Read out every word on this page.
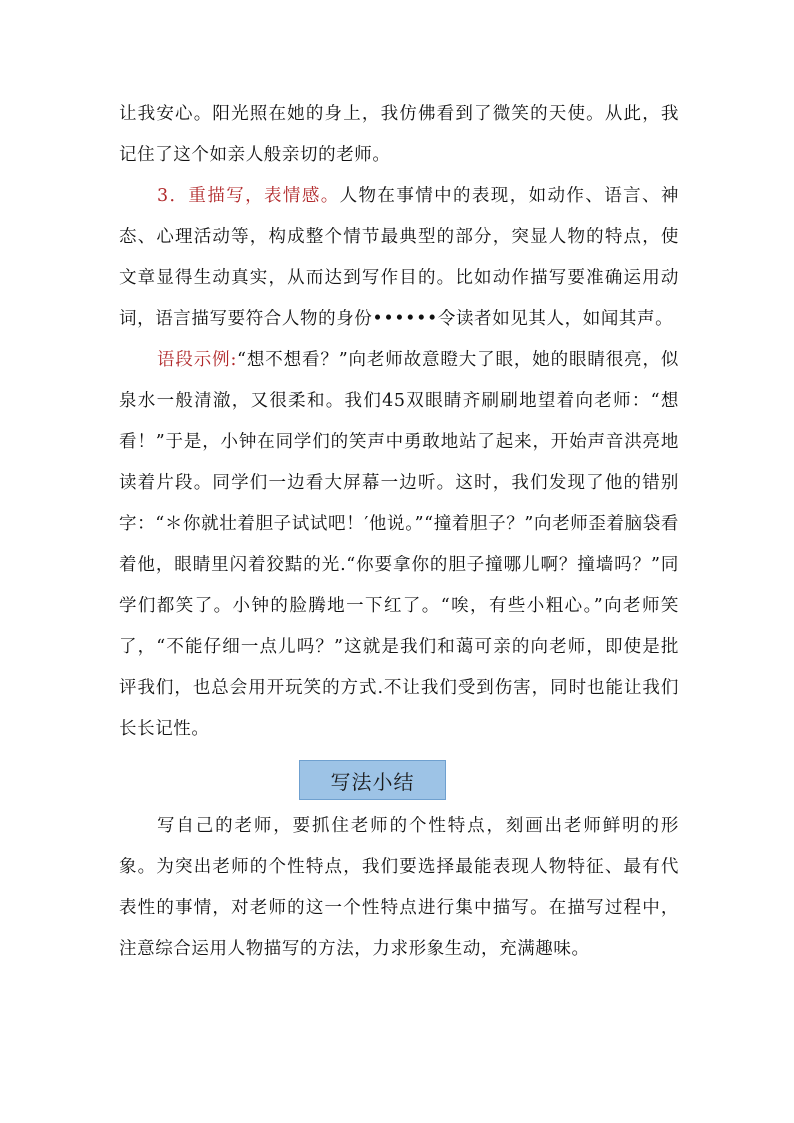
让我安心。阳光照在她的身上，我仿佛看到了微笑的天使。从此，我记住了这个如亲人般亲切的老师。

3．重描写，表情感。人物在事情中的表现，如动作、语言、神态、心理活动等，构成整个情节最典型的部分，突显人物的特点，使文章显得生动真实，从而达到写作目的。比如动作描写要准确运用动词，语言描写要符合人物的身份••••••令读者如见其人，如闻其声。

语段示例:“想不想看？”向老师故意瞪大了眼，她的眼睛很亮，似泉水一般清澈，又很柔和。我们45双眼睛齐刷刷地望着向老师：“想看！”于是，小钟在同学们的笑声中勇敢地站了起来，开始声音洪亮地读着片段。同学们一边看大屏幕一边听。这时，我们发现了他的错别字：“＊你就壮着胆子试试吧！′他说。”“撞着胆子？”向老师歪着脑袋看着他，眼睛里闪着狡黠的光.“你要拿你的胆子撞哪儿啊？撞墙吗？”同学们都笑了。小钟的脸腾地一下红了。“唉，有些小粗心。”向老师笑了，“不能仔细一点儿吗？”这就是我们和蔼可亲的向老师，即使是批评我们，也总会用开玩笑的方式.不让我们受到伤害，同时也能让我们长长记性。

写法小结

写自己的老师，要抓住老师的个性特点，刻画出老师鲜明的形象。为突出老师的个性特点，我们要选择最能表现人物特征、最有代表性的事情，对老师的这一个性特点进行集中描写。在描写过程中，注意综合运用人物描写的方法，力求形象生动，充满趣味。
